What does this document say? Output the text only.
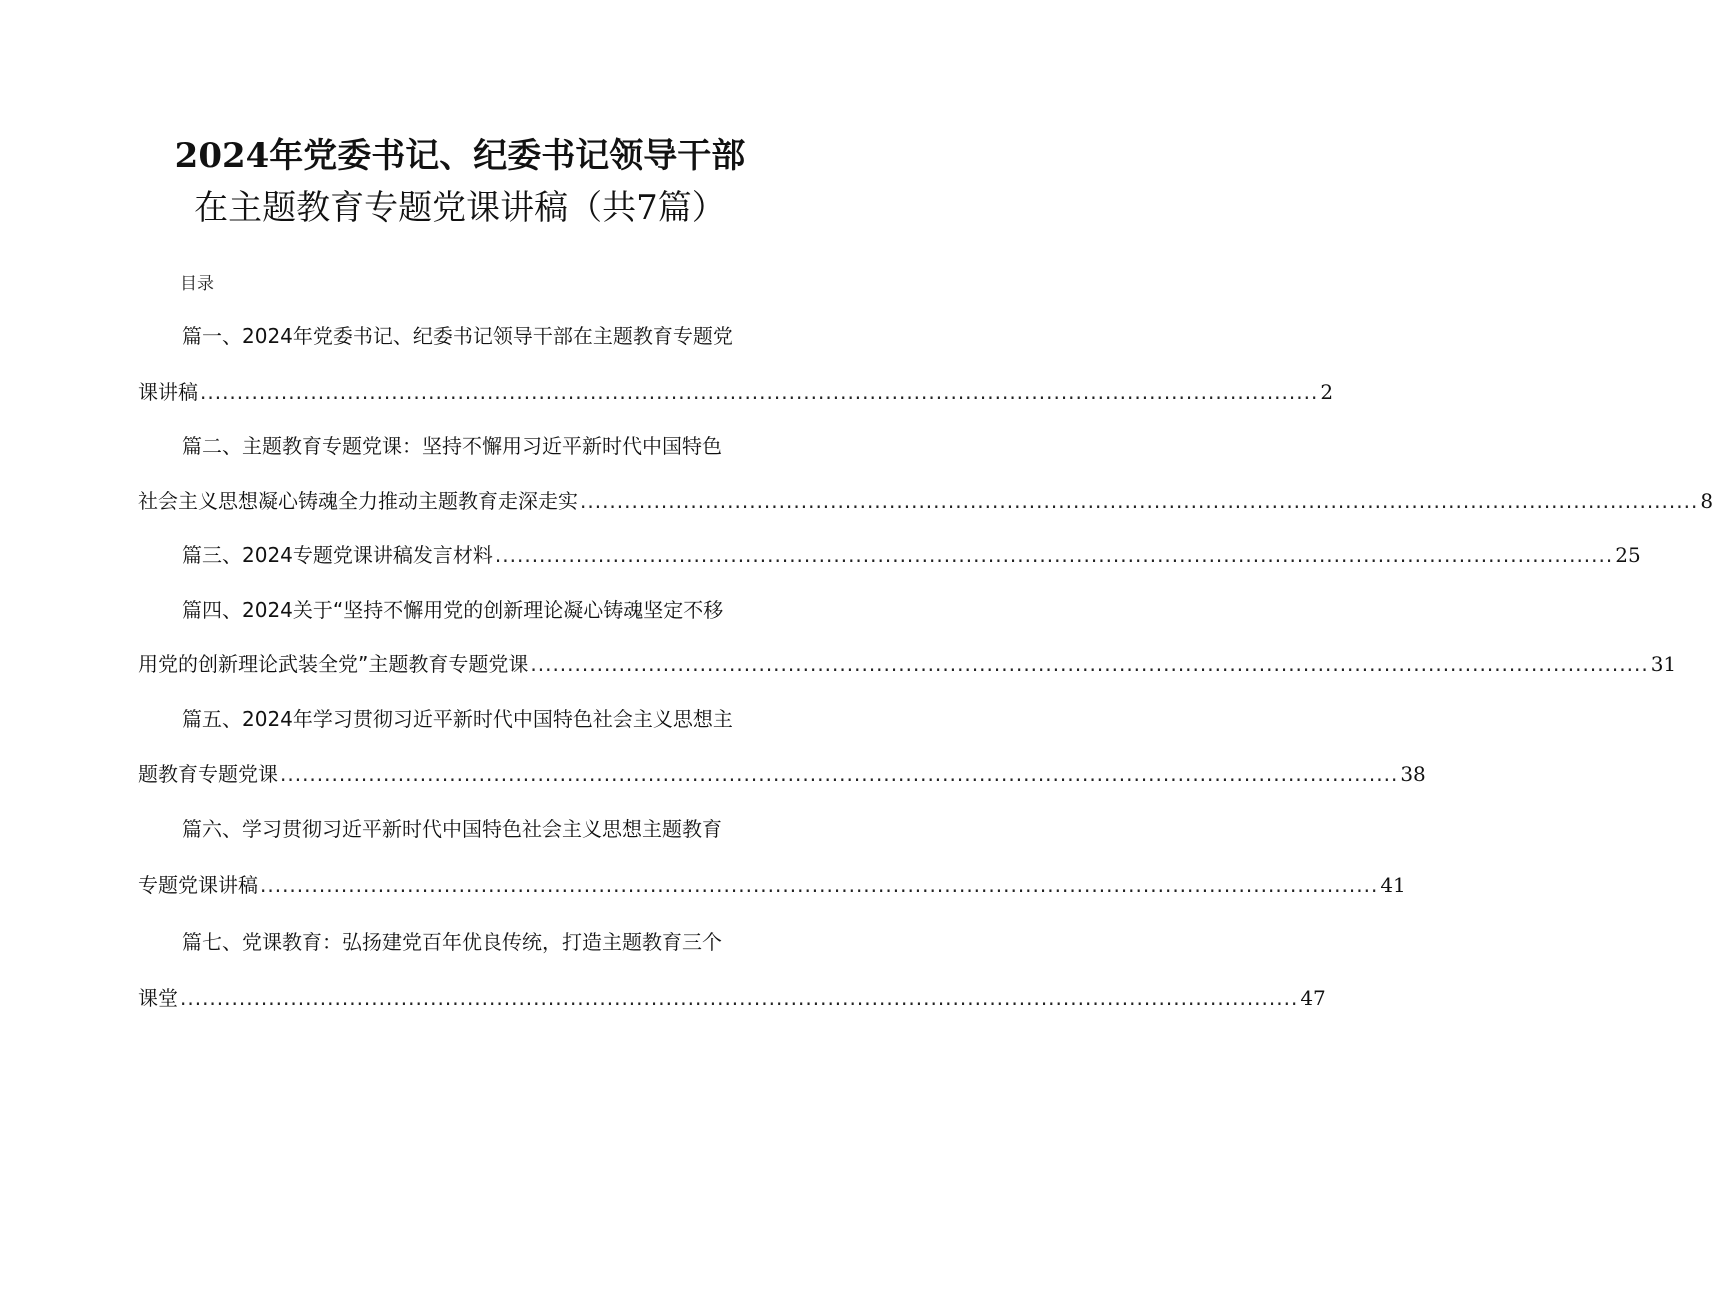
2024年党委书记、纪委书记领导干部
在主题教育专题党课讲稿（共7篇）
目录
篇一、2024年党委书记、纪委书记领导干部在主题教育专题党
课讲稿 ........................................................................................................................................................ 2
篇二、主题教育专题党课：坚持不懈用习近平新时代中国特色
社会主义思想凝心铸魂全力推动主题教育走深走实 ........................................................................................................................................................ 8
篇三、2024专题党课讲稿发言材料 ........................................................................................................................................................ 25
篇四、2024关于“坚持不懈用党的创新理论凝心铸魂坚定不移
用党的创新理论武装全党”主题教育专题党课 ........................................................................................................................................................ 31
篇五、2024年学习贯彻习近平新时代中国特色社会主义思想主
题教育专题党课 ........................................................................................................................................................ 38
篇六、学习贯彻习近平新时代中国特色社会主义思想主题教育
专题党课讲稿 ........................................................................................................................................................ 41
篇七、党课教育：弘扬建党百年优良传统，打造主题教育三个
课堂 ........................................................................................................................................................ 47
